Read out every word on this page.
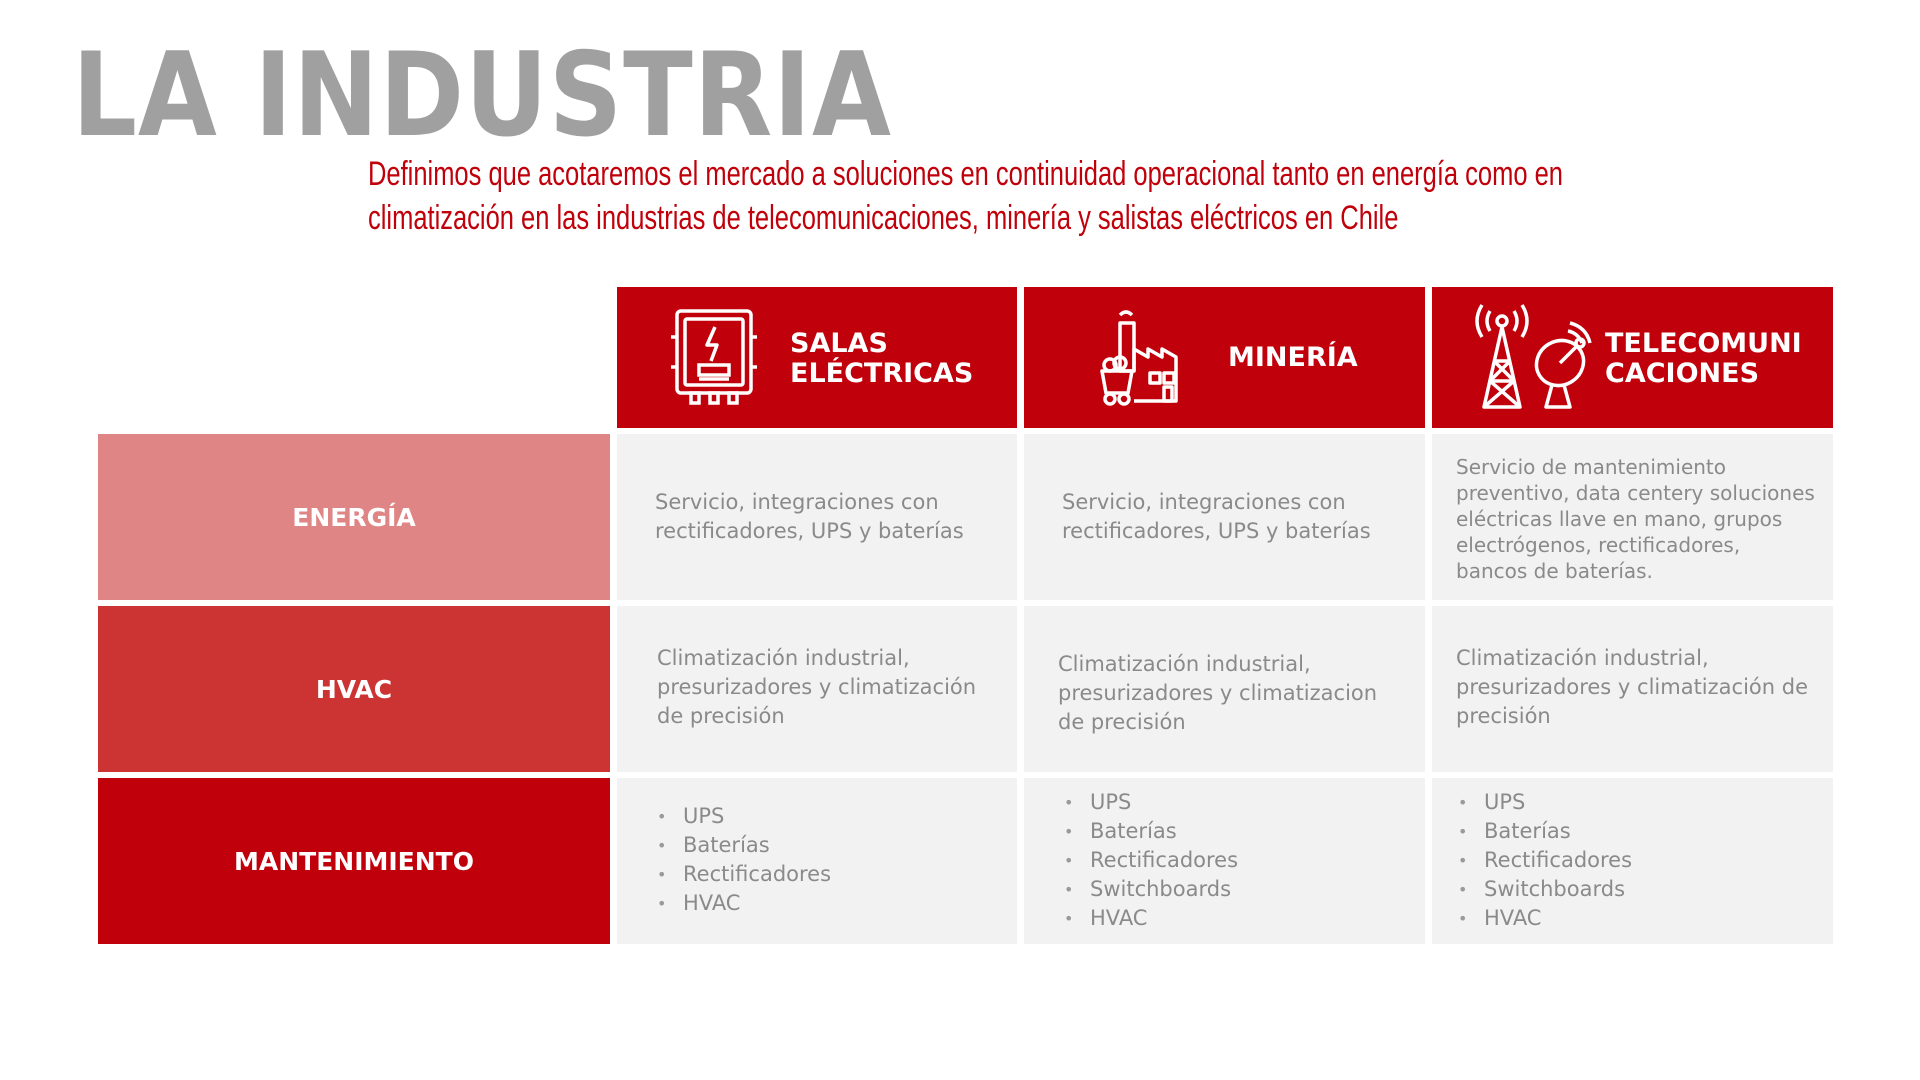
LA INDUSTRIA
Definimos que acotaremos el mercado a soluciones en continuidad operacional tanto en energía como en
climatización en las industrias de telecomunicaciones, minería y salistas eléctricos en Chile
SALAS
ELÉCTRICAS
MINERÍA	TELECOMUNI
CACIONES
ENERGÍA
HVAC
MANTENIMIENTO
Servicio, integraciones con rectificadores, UPS y baterías
Servicio, integraciones con rectificadores, UPS y baterías
Servicio de mantenimiento preventivo, data centery soluciones eléctricas llave en mano, grupos electrógenos, rectificadores, bancos de baterías.
Climatización industrial, presurizadores y climatización de precisión
Climatización industrial, presurizadores y climatizacion de precisión
Climatización industrial, presurizadores y climatización de precisión
• UPS
• Baterías
• Rectificadores
• HVAC
• UPS
• Baterías
• Rectificadores
• Switchboards
• HVAC
• UPS
• Baterías
• Rectificadores
• Switchboards
• HVAC
